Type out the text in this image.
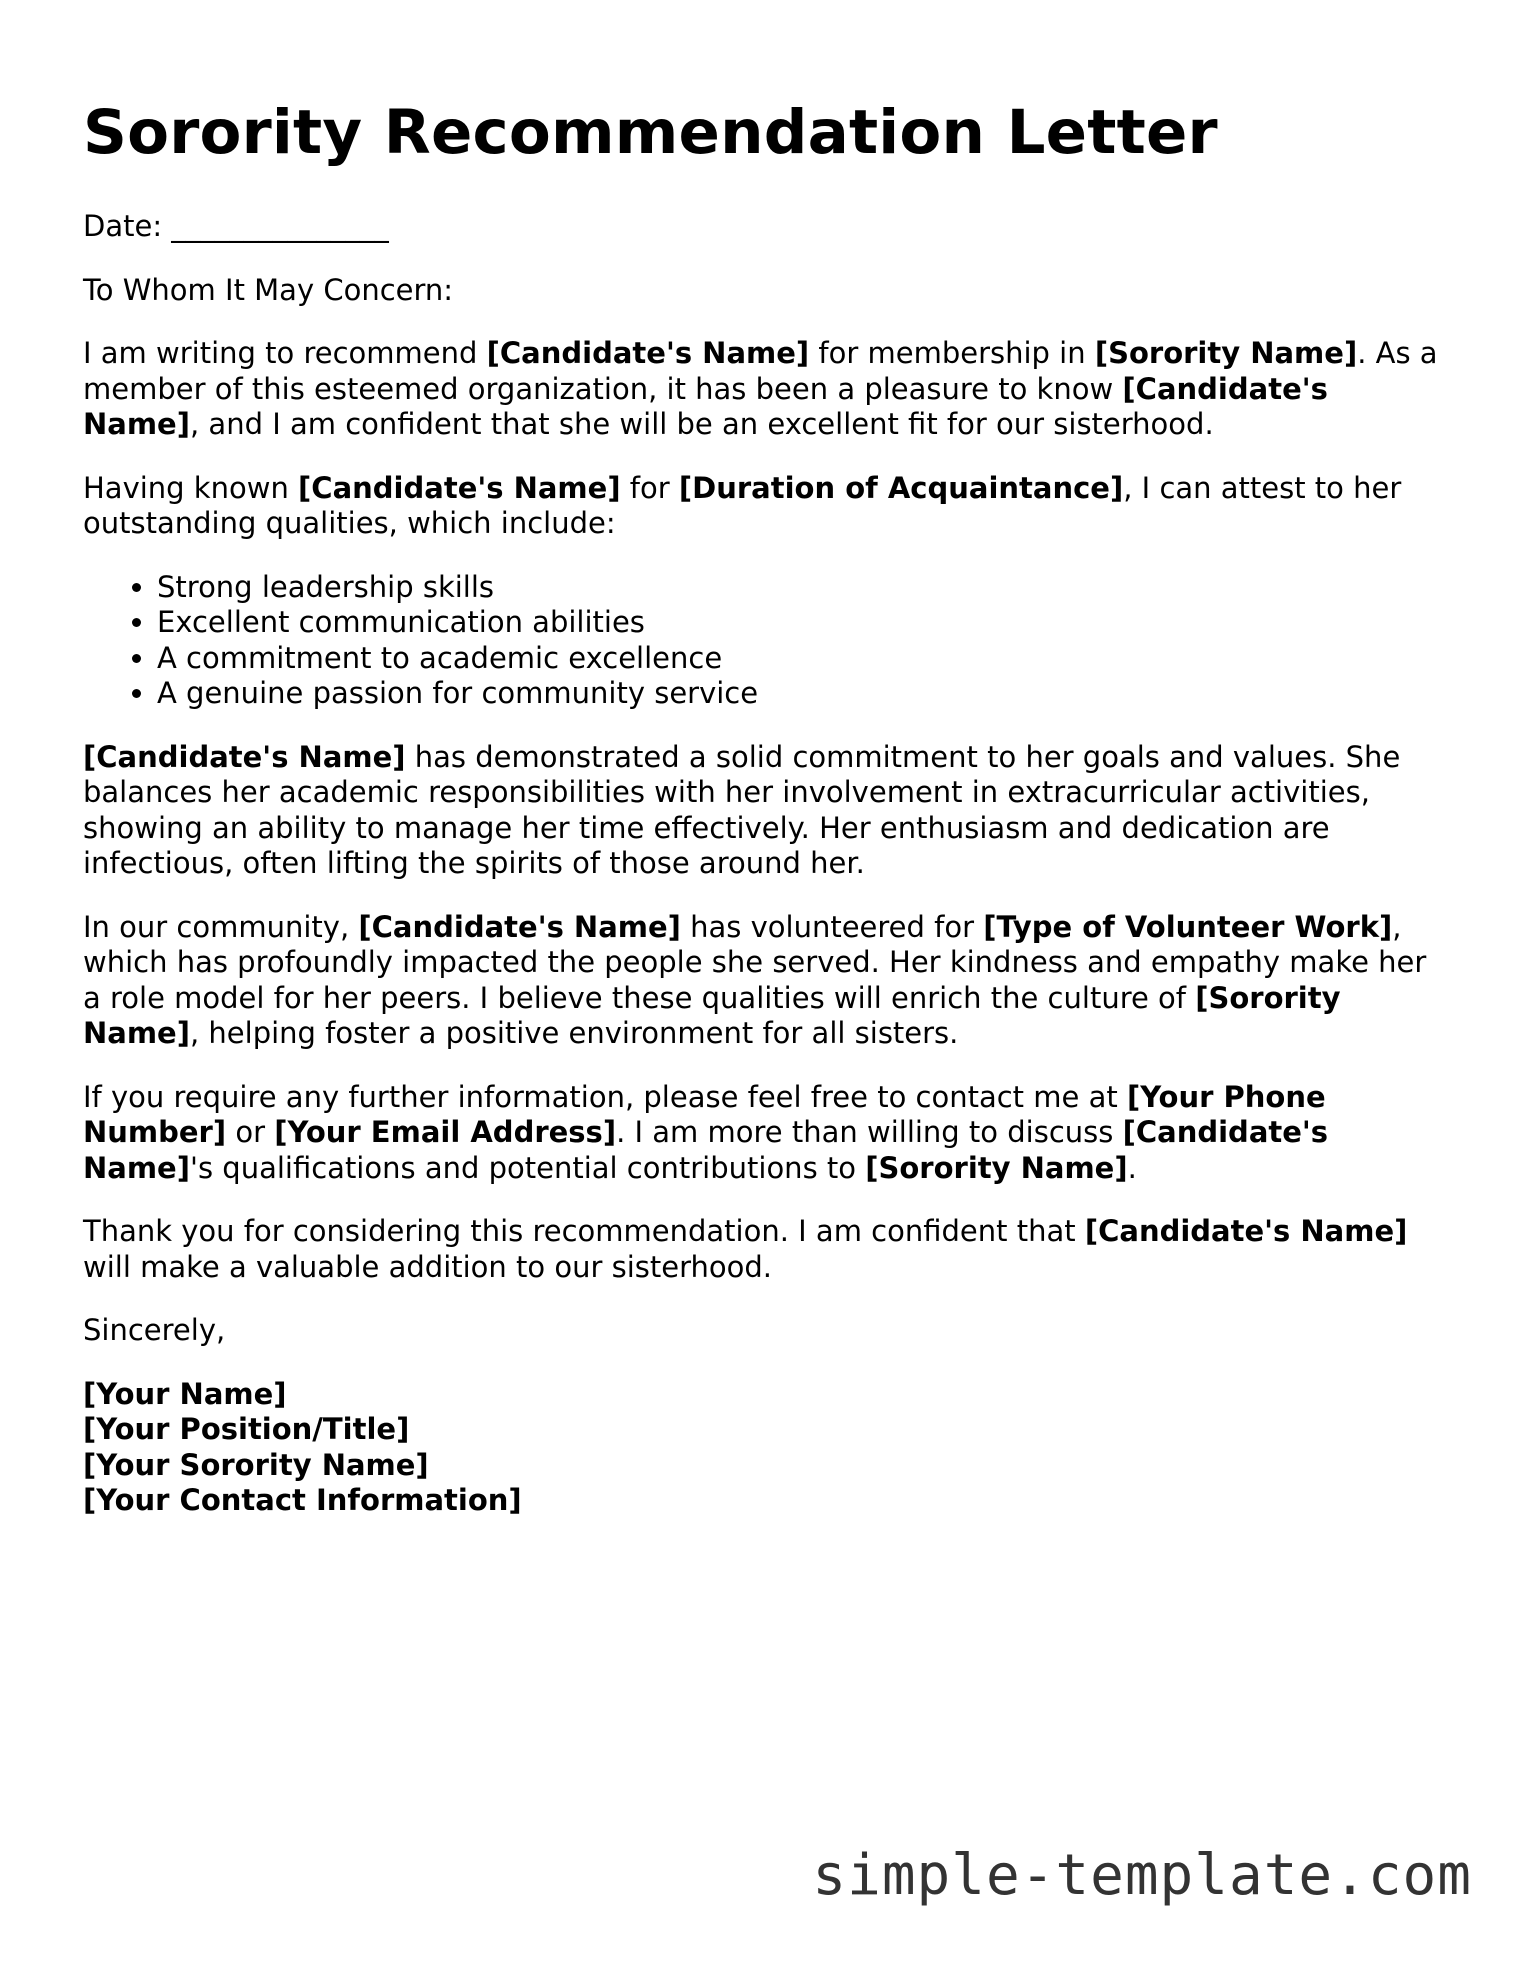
Sorority Recommendation Letter

Date: _______________

To Whom It May Concern:

I am writing to recommend [Candidate's Name] for membership in [Sorority Name]. As a member of this esteemed organization, it has been a pleasure to know [Candidate's Name], and I am confident that she will be an excellent fit for our sisterhood.

Having known [Candidate's Name] for [Duration of Acquaintance], I can attest to her outstanding qualities, which include:

• Strong leadership skills
• Excellent communication abilities
• A commitment to academic excellence
• A genuine passion for community service

[Candidate's Name] has demonstrated a solid commitment to her goals and values. She balances her academic responsibilities with her involvement in extracurricular activities, showing an ability to manage her time effectively. Her enthusiasm and dedication are infectious, often lifting the spirits of those around her.

In our community, [Candidate's Name] has volunteered for [Type of Volunteer Work], which has profoundly impacted the people she served. Her kindness and empathy make her a role model for her peers. I believe these qualities will enrich the culture of [Sorority Name], helping foster a positive environment for all sisters.

If you require any further information, please feel free to contact me at [Your Phone Number] or [Your Email Address]. I am more than willing to discuss [Candidate's Name]'s qualifications and potential contributions to [Sorority Name].

Thank you for considering this recommendation. I am confident that [Candidate's Name] will make a valuable addition to our sisterhood.

Sincerely,

[Your Name]
[Your Position/Title]
[Your Sorority Name]
[Your Contact Information]
simple-template.com
